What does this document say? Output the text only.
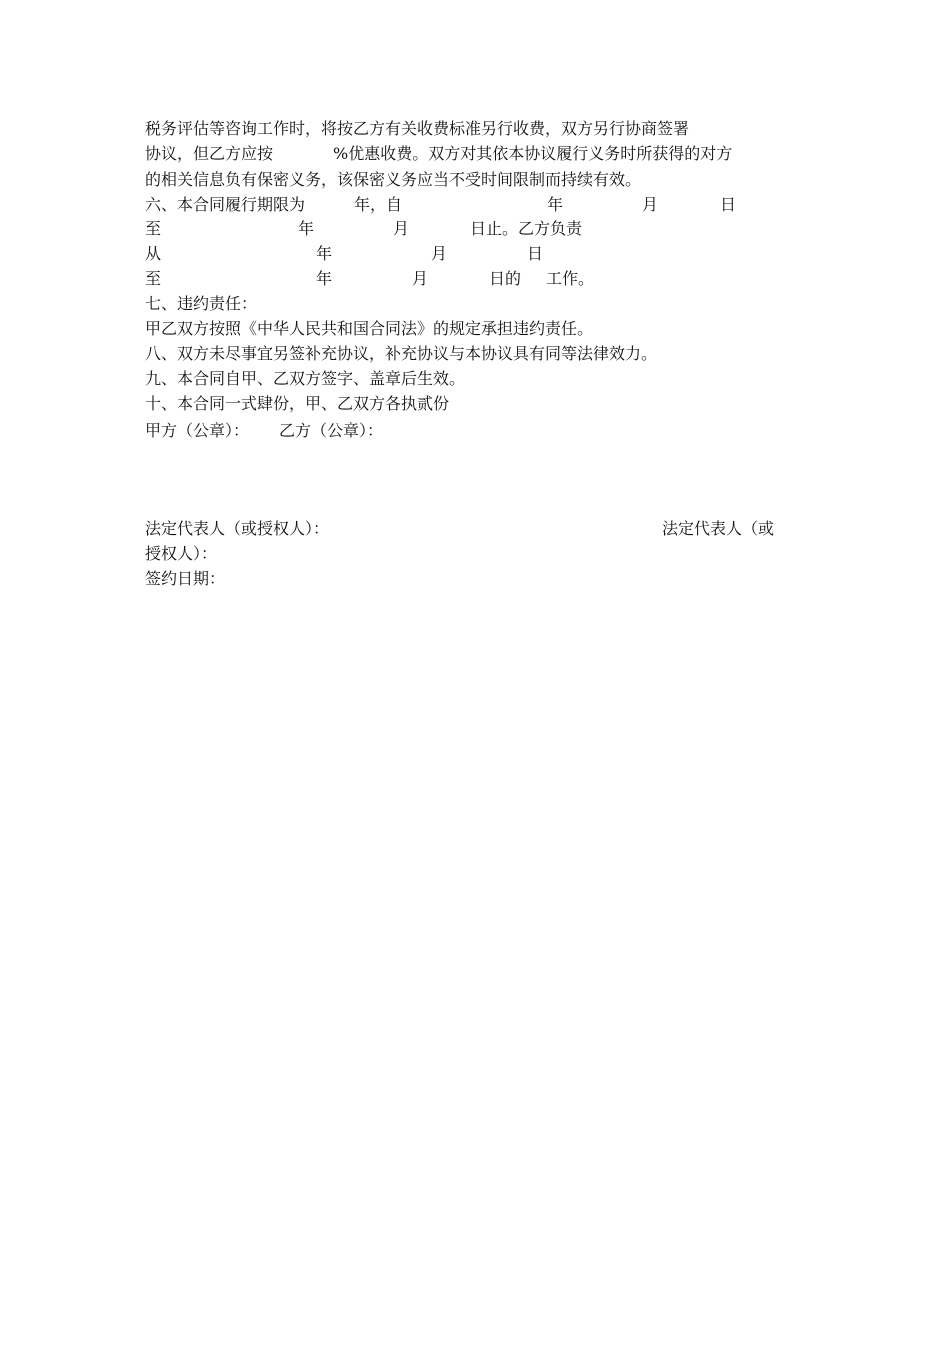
税务评估等咨询工作时，将按乙方有关收费标准另行收费，双方另行协商签署
协议，但乙方应按	%优惠收费。双方对其依本协议履行义务时所获得的对方
的相关信息负有保密义务，该保密义务应当不受时间限制而持续有效。
六、本合同履行期限为	年，自	年	月	日
至	年	月	日止。乙方负责
从	年	月	日
至	年	月	日的 工作。
七、违约责任：
甲乙双方按照《中华人民共和国合同法》的规定承担违约责任。
八、双方未尽事宜另签补充协议，补充协议与本协议具有同等法律效力。
九、本合同自甲、乙双方签字、盖章后生效。
十、本合同一式肆份，甲、乙双方各执贰份
甲方（公章）： 乙方（公章）：
法定代表人（或授权人）：	法定代表人（或
授权人）：
签约日期：
